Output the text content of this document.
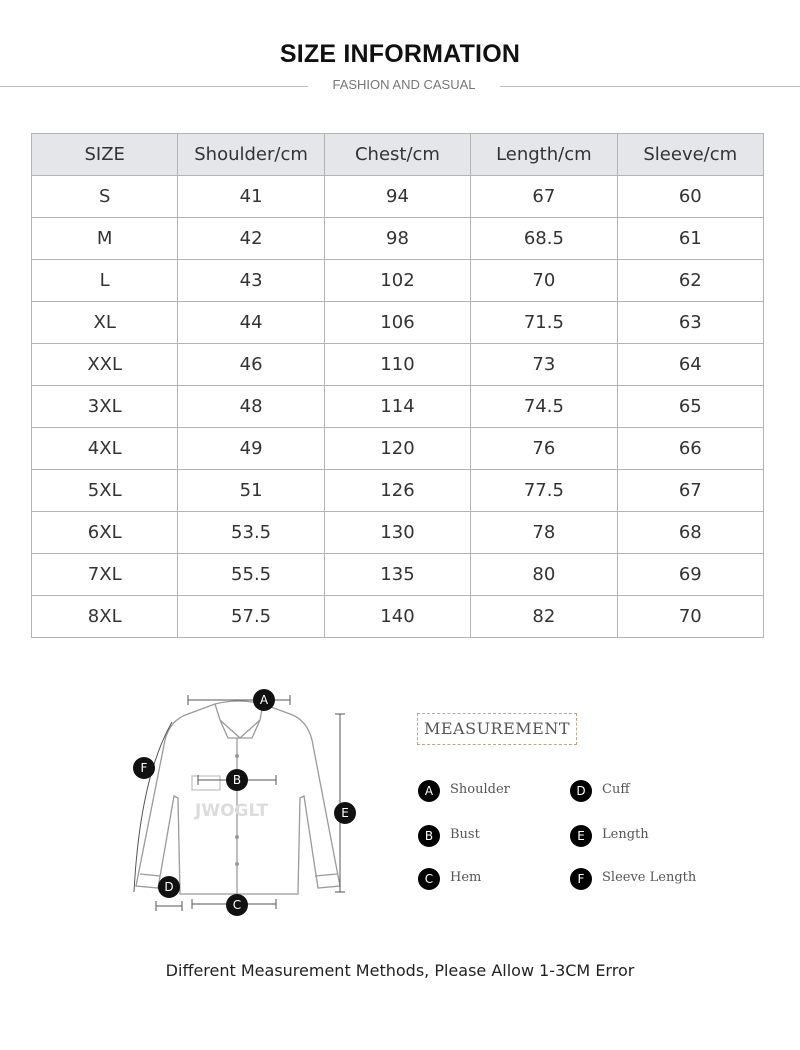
SIZE INFORMATION
FASHION AND CASUAL
SIZE	Shoulder/cm	Chest/cm	Length/cm	Sleeve/cm
S	41	94	67	60
M	42	98	68.5	61
L	43	102	70	62
XL	44	106	71.5	63
XXL	46	110	73	64
3XL	48	114	74.5	65
4XL	49	120	76	66
5XL	51	126	77.5	67
6XL	53.5	130	78	68
7XL	55.5	135	80	69
8XL	57.5	140	82	70
JWOGLT
A
B
C
D
E
F
MEASUREMENT
A	Shoulder	D	Cuff
B	Bust	E	Length
C	Hem	F	Sleeve Length
Different Measurement Methods, Please Allow 1-3CM Error
